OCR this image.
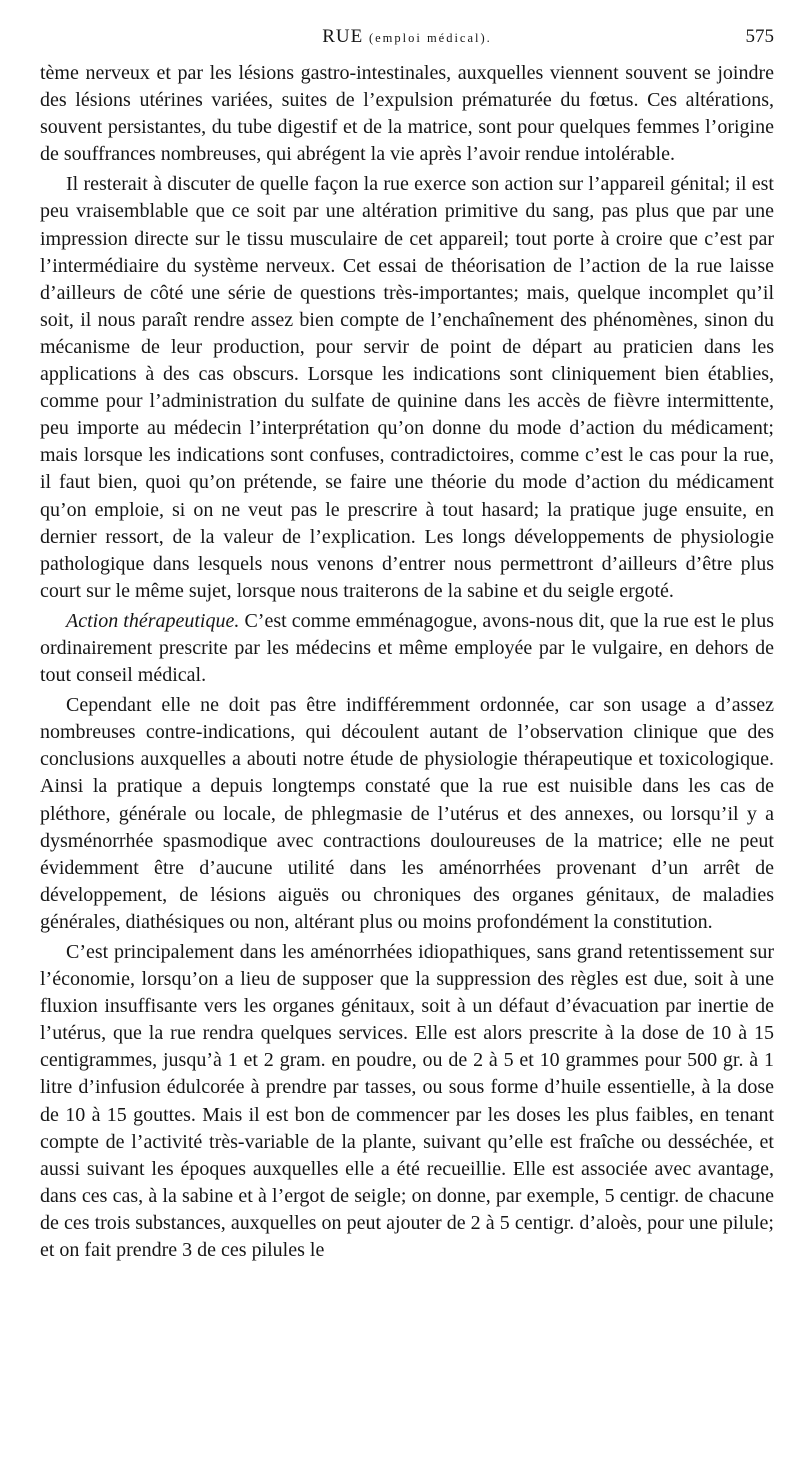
RUE (emploi médical).	575

tème nerveux et par les lésions gastro-intestinales, auxquelles viennent souvent se joindre des lésions utérines variées, suites de l’expulsion prématurée du fœtus. Ces altérations, souvent persistantes, du tube digestif et de la matrice, sont pour quelques femmes l’origine de souffrances nombreuses, qui abrégent la vie après l’avoir rendue intolérable.

Il resterait à discuter de quelle façon la rue exerce son action sur l’appareil génital; il est peu vraisemblable que ce soit par une altération primitive du sang, pas plus que par une impression directe sur le tissu musculaire de cet appareil; tout porte à croire que c’est par l’intermédiaire du système nerveux. Cet essai de théorisation de l’action de la rue laisse d’ailleurs de côté une série de questions très-importantes; mais, quelque incomplet qu’il soit, il nous paraît rendre assez bien compte de l’enchaînement des phénomènes, sinon du mécanisme de leur production, pour servir de point de départ au praticien dans les applications à des cas obscurs. Lorsque les indications sont cliniquement bien établies, comme pour l’administration du sulfate de quinine dans les accès de fièvre intermittente, peu importe au médecin l’interprétation qu’on donne du mode d’action du médicament; mais lorsque les indications sont confuses, contradictoires, comme c’est le cas pour la rue, il faut bien, quoi qu’on prétende, se faire une théorie du mode d’action du médicament qu’on emploie, si on ne veut pas le prescrire à tout hasard; la pratique juge ensuite, en dernier ressort, de la valeur de l’explication. Les longs développements de physiologie pathologique dans lesquels nous venons d’entrer nous permettront d’ailleurs d’être plus court sur le même sujet, lorsque nous traiterons de la sabine et du seigle ergoté.

Action thérapeutique. C’est comme emménagogue, avons-nous dit, que la rue est le plus ordinairement prescrite par les médecins et même employée par le vulgaire, en dehors de tout conseil médical.

Cependant elle ne doit pas être indifféremment ordonnée, car son usage a d’assez nombreuses contre-indications, qui découlent autant de l’observation clinique que des conclusions auxquelles a abouti notre étude de physiologie thérapeutique et toxicologique. Ainsi la pratique a depuis longtemps constaté que la rue est nuisible dans les cas de pléthore, générale ou locale, de phlegmasie de l’utérus et des annexes, ou lorsqu’il y a dysménorrhée spasmodique avec contractions douloureuses de la matrice; elle ne peut évidemment être d’aucune utilité dans les aménorrhées provenant d’un arrêt de développement, de lésions aiguës ou chroniques des organes génitaux, de maladies générales, diathésiques ou non, altérant plus ou moins profondément la constitution.

C’est principalement dans les aménorrhées idiopathiques, sans grand retentissement sur l’économie, lorsqu’on a lieu de supposer que la suppression des règles est due, soit à une fluxion insuffisante vers les organes génitaux, soit à un défaut d’évacuation par inertie de l’utérus, que la rue rendra quelques services. Elle est alors prescrite à la dose de 10 à 15 centigrammes, jusqu’à 1 et 2 gram. en poudre, ou de 2 à 5 et 10 grammes pour 500 gr. à 1 litre d’infusion édulcorée à prendre par tasses, ou sous forme d’huile essentielle, à la dose de 10 à 15 gouttes. Mais il est bon de commencer par les doses les plus faibles, en tenant compte de l’activité très-variable de la plante, suivant qu’elle est fraîche ou desséchée, et aussi suivant les époques auxquelles elle a été recueillie. Elle est associée avec avantage, dans ces cas, à la sabine et à l’ergot de seigle; on donne, par exemple, 5 centigr. de chacune de ces trois substances, auxquelles on peut ajouter de 2 à 5 centigr. d’aloès, pour une pilule; et on fait prendre 3 de ces pilules le
